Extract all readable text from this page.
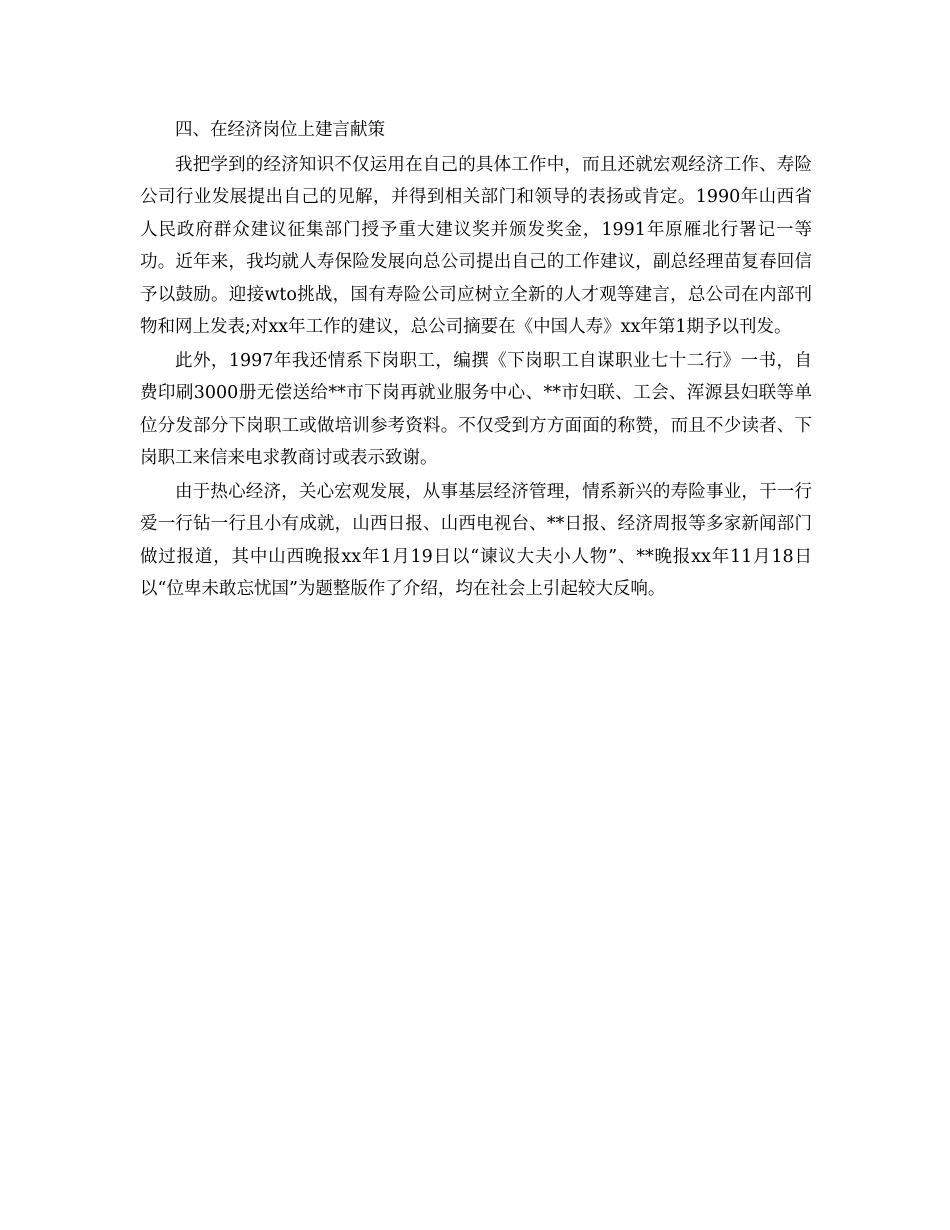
四、在经济岗位上建言献策

我把学到的经济知识不仅运用在自己的具体工作中，而且还就宏观经济工作、寿险公司行业发展提出自己的见解，并得到相关部门和领导的表扬或肯定。1990年山西省人民政府群众建议征集部门授予重大建议奖并颁发奖金，1991年原雁北行署记一等功。近年来，我均就人寿保险发展向总公司提出自己的工作建议，副总经理苗复春回信予以鼓励。迎接wto挑战，国有寿险公司应树立全新的人才观等建言，总公司在内部刊物和网上发表;对xx年工作的建议，总公司摘要在《中国人寿》xx年第1期予以刊发。

此外，1997年我还情系下岗职工，编撰《下岗职工自谋职业七十二行》一书，自费印刷3000册无偿送给**市下岗再就业服务中心、**市妇联、工会、浑源县妇联等单位分发部分下岗职工或做培训参考资料。不仅受到方方面面的称赞，而且不少读者、下岗职工来信来电求教商讨或表示致谢。

由于热心经济，关心宏观发展，从事基层经济管理，情系新兴的寿险事业，干一行爱一行钻一行且小有成就，山西日报、山西电视台、**日报、经济周报等多家新闻部门做过报道，其中山西晚报xx年1月19日以“谏议大夫小人物”、**晚报xx年11月18日以“位卑未敢忘忧国”为题整版作了介绍，均在社会上引起较大反响。
